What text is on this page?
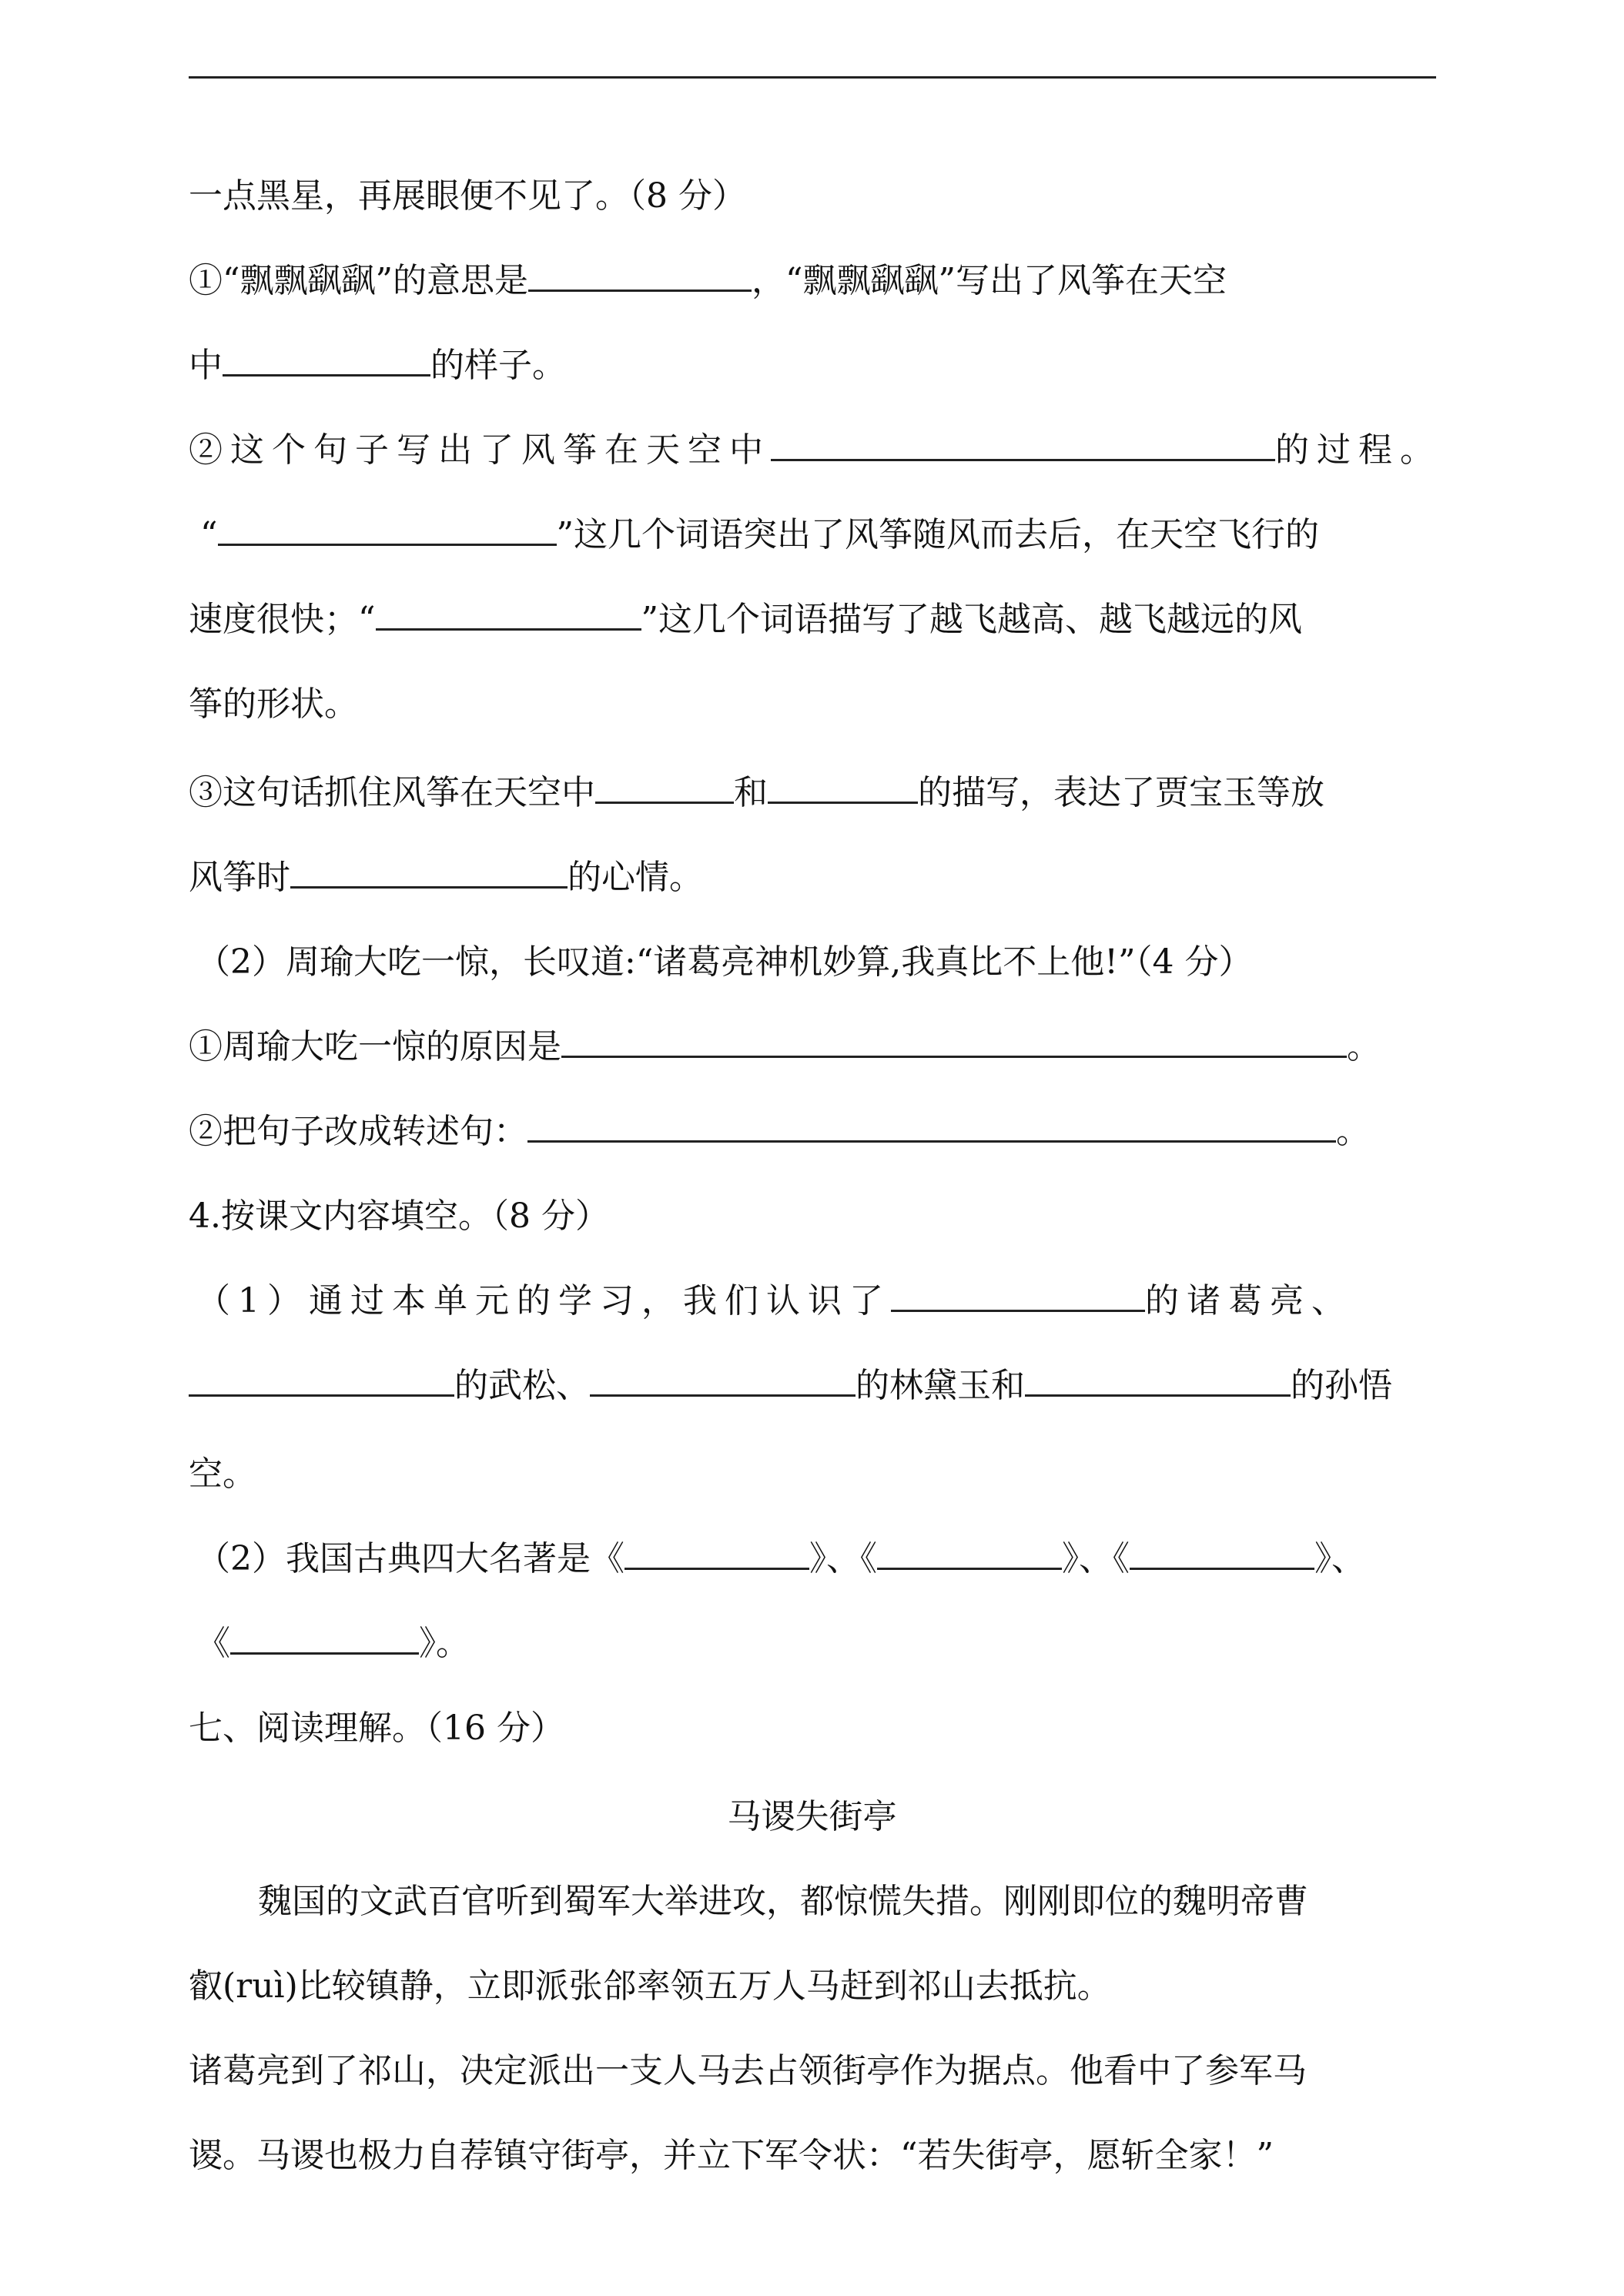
一点黑星，再展眼便不见了。（8 分）
①“飘飘飖飖”的意思是	，“飘飘飖飖”写出了风筝在天空
中	的样子。
②这个句子写出了风筝在天空中	的过程。
“	”这几个词语突出了风筝随风而去后，在天空飞行的
速度很快；“	”这几个词语描写了越飞越高、越飞越远的风
筝的形状。
③这句话抓住风筝在天空中	和	的描写，表达了贾宝玉等放
风筝时	的心情。
（2）周瑜大吃一惊，长叹道:“诸葛亮神机妙算,我真比不上他!”（4 分）
①周瑜大吃一惊的原因是	。
②把句子改成转述句：	。
4.按课文内容填空。（8 分）
（1）通过本单元的学习，我们认识了	的诸葛亮、
的武松、	的林黛玉和	的孙悟
空。
（2）我国古典四大名著是《	》、《	》、《	》、
《	》。
七、阅读理解。（16 分）
马谡失街亭
魏国的文武百官听到蜀军大举进攻，都惊慌失措。刚刚即位的魏明帝曹
叡(ruì)比较镇静，立即派张郃率领五万人马赶到祁山去抵抗。
诸葛亮到了祁山，决定派出一支人马去占领街亭作为据点。他看中了参军马
谡。马谡也极力自荐镇守街亭，并立下军令状：“若失街亭，愿斩全家！”
